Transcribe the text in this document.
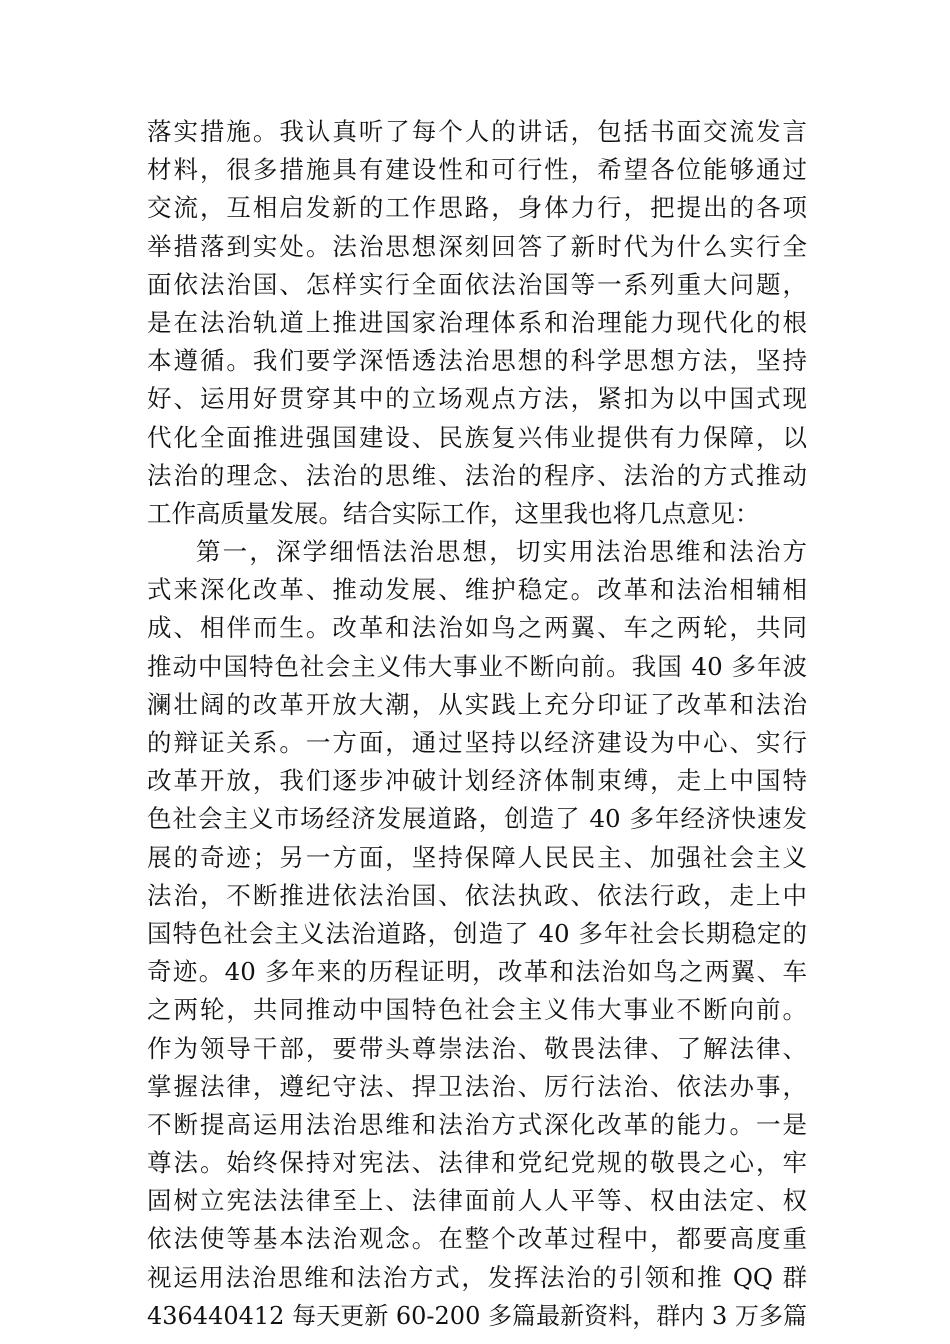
落实措施。我认真听了每个人的讲话，包括书面交流发言
材料，很多措施具有建设性和可行性，希望各位能够通过
交流，互相启发新的工作思路，身体力行，把提出的各项
举措落到实处。法治思想深刻回答了新时代为什么实行全
面依法治国、怎样实行全面依法治国等一系列重大问题，
是在法治轨道上推进国家治理体系和治理能力现代化的根
本遵循。我们要学深悟透法治思想的科学思想方法，坚持
好、运用好贯穿其中的立场观点方法，紧扣为以中国式现
代化全面推进强国建设、民族复兴伟业提供有力保障，以
法治的理念、法治的思维、法治的程序、法治的方式推动
工作高质量发展。结合实际工作，这里我也将几点意见：
第一，深学细悟法治思想，切实用法治思维和法治方
式来深化改革、推动发展、维护稳定。改革和法治相辅相
成、相伴而生。改革和法治如鸟之两翼、车之两轮，共同
推动中国特色社会主义伟大事业不断向前。我国 40 多年波
澜壮阔的改革开放大潮，从实践上充分印证了改革和法治
的辩证关系。一方面，通过坚持以经济建设为中心、实行
改革开放，我们逐步冲破计划经济体制束缚，走上中国特
色社会主义市场经济发展道路，创造了 40 多年经济快速发
展的奇迹；另一方面，坚持保障人民民主、加强社会主义
法治，不断推进依法治国、依法执政、依法行政，走上中
国特色社会主义法治道路，创造了 40 多年社会长期稳定的
奇迹。40 多年来的历程证明，改革和法治如鸟之两翼、车
之两轮，共同推动中国特色社会主义伟大事业不断向前。
作为领导干部，要带头尊崇法治、敬畏法律、了解法律、
掌握法律，遵纪守法、捍卫法治、厉行法治、依法办事，
不断提高运用法治思维和法治方式深化改革的能力。一是
尊法。始终保持对宪法、法律和党纪党规的敬畏之心，牢
固树立宪法法律至上、法律面前人人平等、权由法定、权
依法使等基本法治观念。在整个改革过程中，都要高度重
视运用法治思维和法治方式，发挥法治的引领和推 QQ 群
436440412 每天更新 60-200 多篇最新资料，群内 3 万多篇
